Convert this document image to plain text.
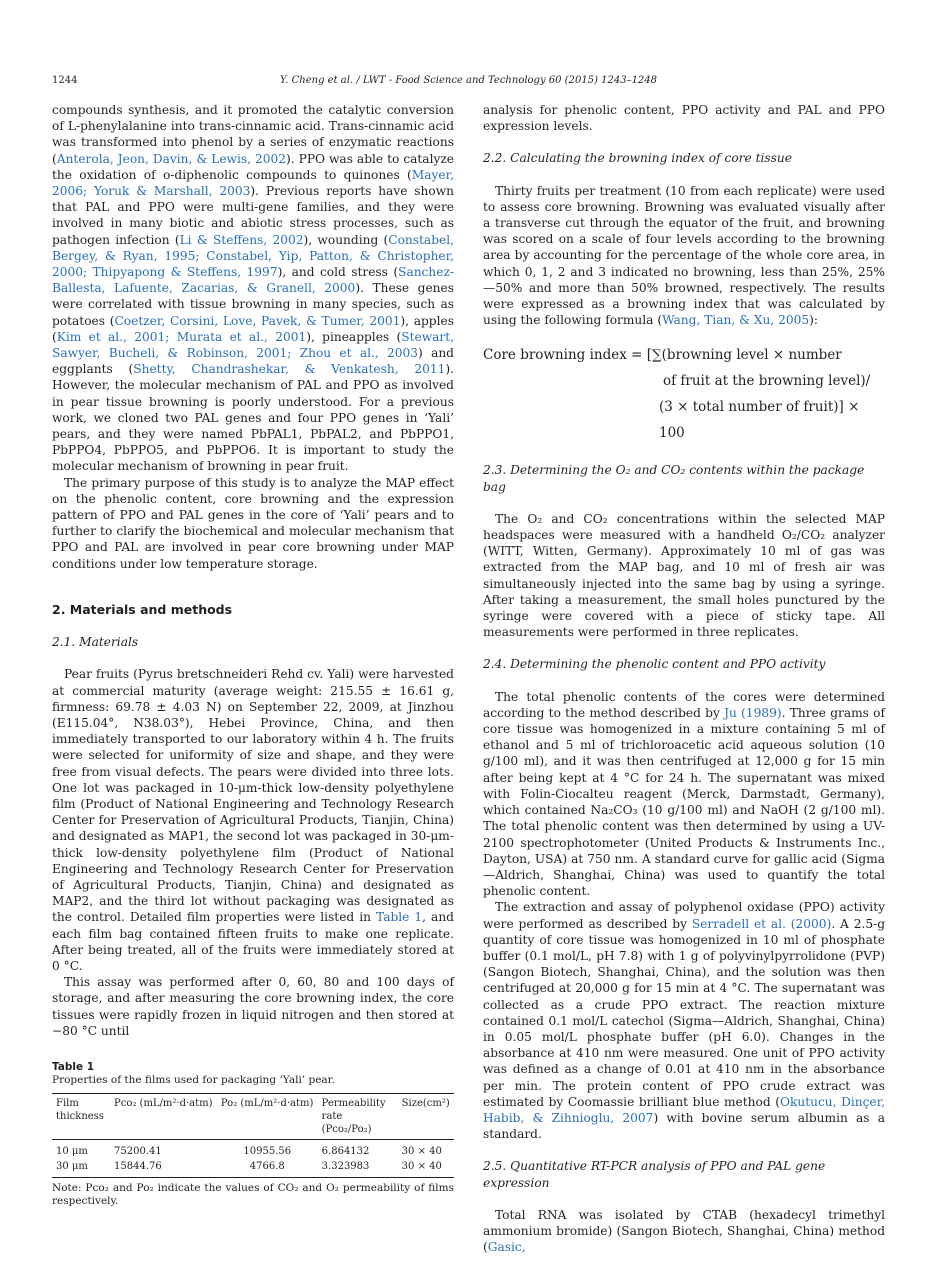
1244	Y. Cheng et al. / LWT - Food Science and Technology 60 (2015) 1243–1248

compounds synthesis, and it promoted the catalytic conversion of L-phenylalanine into trans-cinnamic acid. Trans-cinnamic acid was transformed into phenol by a series of enzymatic reactions (Anterola, Jeon, Davin, & Lewis, 2002). PPO was able to catalyze the oxidation of o-diphenolic compounds to quinones (Mayer, 2006; Yoruk & Marshall, 2003). Previous reports have shown that PAL and PPO were multi-gene families, and they were involved in many biotic and abiotic stress processes, such as pathogen infection (Li & Steffens, 2002), wounding (Constabel, Bergey, & Ryan, 1995; Constabel, Yip, Patton, & Christopher, 2000; Thipyapong & Steffens, 1997), and cold stress (Sanchez-Ballesta, Lafuente, Zacarias, & Granell, 2000). These genes were correlated with tissue browning in many species, such as potatoes (Coetzer, Corsini, Love, Pavek, & Tumer, 2001), apples (Kim et al., 2001; Murata et al., 2001), pineapples (Stewart, Sawyer, Bucheli, & Robinson, 2001; Zhou et al., 2003) and eggplants (Shetty, Chandrashekar, & Venkatesh, 2011). However, the molecular mechanism of PAL and PPO as involved in pear tissue browning is poorly understood. For a previous work, we cloned two PAL genes and four PPO genes in ‘Yali’ pears, and they were named PbPAL1, PbPAL2, and PbPPO1, PbPPO4, PbPPO5, and PbPPO6. It is important to study the molecular mechanism of browning in pear fruit.

The primary purpose of this study is to analyze the MAP effect on the phenolic content, core browning and the expression pattern of PPO and PAL genes in the core of ‘Yali’ pears and to further to clarify the biochemical and molecular mechanism that PPO and PAL are involved in pear core browning under MAP conditions under low temperature storage.

2. Materials and methods
2.1. Materials

Pear fruits (Pyrus bretschneideri Rehd cv. Yali) were harvested at commercial maturity (average weight: 215.55 ± 16.61 g, firmness: 69.78 ± 4.03 N) on September 22, 2009, at Jinzhou (E115.04°, N38.03°), Hebei Province, China, and then immediately transported to our laboratory within 4 h. The fruits were selected for uniformity of size and shape, and they were free from visual defects. The pears were divided into three lots. One lot was packaged in 10-μm-thick low-density polyethylene film (Product of National Engineering and Technology Research Center for Preservation of Agricultural Products, Tianjin, China) and designated as MAP1, the second lot was packaged in 30-μm-thick low-density polyethylene film (Product of National Engineering and Technology Research Center for Preservation of Agricultural Products, Tianjin, China) and designated as MAP2, and the third lot without packaging was designated as the control. Detailed film properties were listed in Table 1, and each film bag contained fifteen fruits to make one replicate. After being treated, all of the fruits were immediately stored at 0 °C.

This assay was performed after 0, 60, 80 and 100 days of storage, and after measuring the core browning index, the core tissues were rapidly frozen in liquid nitrogen and then stored at −80 °C until

Table 1
Properties of the films used for packaging ‘Yali’ pear.
Film thickness	Pco₂ (mL/m²·d·atm)	Po₂ (mL/m²·d·atm)	Permeability rate (Pco₂/Po₂)	Size(cm²)
10 μm	75200.41	10955.56	6.864132	30 × 40
30 μm	15844.76	4766.8	3.323983	30 × 40
Note: Pco₂ and Po₂ indicate the values of CO₂ and O₂ permeability of films respectively.

analysis for phenolic content, PPO activity and PAL and PPO expression levels.

2.2. Calculating the browning index of core tissue

Thirty fruits per treatment (10 from each replicate) were used to assess core browning. Browning was evaluated visually after a transverse cut through the equator of the fruit, and browning was scored on a scale of four levels according to the browning area by accounting for the percentage of the whole core area, in which 0, 1, 2 and 3 indicated no browning, less than 25%, 25%—50% and more than 50% browned, respectively. The results were expressed as a browning index that was calculated by using the following formula (Wang, Tian, & Xu, 2005):

Core browning index = [∑(browning level × number
of fruit at the browning level)/
(3 × total number of fruit)] × 100
2.3. Determining the O₂ and CO₂ contents within the package bag

The O₂ and CO₂ concentrations within the selected MAP headspaces were measured with a handheld O₂/CO₂ analyzer (WITT, Witten, Germany). Approximately 10 ml of gas was extracted from the MAP bag, and 10 ml of fresh air was simultaneously injected into the same bag by using a syringe. After taking a measurement, the small holes punctured by the syringe were covered with a piece of sticky tape. All measurements were performed in three replicates.

2.4. Determining the phenolic content and PPO activity

The total phenolic contents of the cores were determined according to the method described by Ju (1989). Three grams of core tissue was homogenized in a mixture containing 5 ml of ethanol and 5 ml of trichloroacetic acid aqueous solution (10 g/100 ml), and it was then centrifuged at 12,000 g for 15 min after being kept at 4 °C for 24 h. The supernatant was mixed with Folin-Ciocalteu reagent (Merck, Darmstadt, Germany), which contained Na₂CO₃ (10 g/100 ml) and NaOH (2 g/100 ml). The total phenolic content was then determined by using a UV-2100 spectrophotometer (United Products & Instruments Inc., Dayton, USA) at 750 nm. A standard curve for gallic acid (Sigma—Aldrich, Shanghai, China) was used to quantify the total phenolic content.

The extraction and assay of polyphenol oxidase (PPO) activity were performed as described by Serradell et al. (2000). A 2.5-g quantity of core tissue was homogenized in 10 ml of phosphate buffer (0.1 mol/L, pH 7.8) with 1 g of polyvinylpyrrolidone (PVP) (Sangon Biotech, Shanghai, China), and the solution was then centrifuged at 20,000 g for 15 min at 4 °C. The supernatant was collected as a crude PPO extract. The reaction mixture contained 0.1 mol/L catechol (Sigma—Aldrich, Shanghai, China) in 0.05 mol/L phosphate buffer (pH 6.0). Changes in the absorbance at 410 nm were measured. One unit of PPO activity was defined as a change of 0.01 at 410 nm in the absorbance per min. The protein content of PPO crude extract was estimated by Coomassie brilliant blue method (Okutucu, Dinçer, Habib, & Zihnioglu, 2007) with bovine serum albumin as a standard.

2.5. Quantitative RT-PCR analysis of PPO and PAL gene expression

Total RNA was isolated by CTAB (hexadecyl trimethyl ammonium bromide) (Sangon Biotech, Shanghai, China) method (Gasic,
